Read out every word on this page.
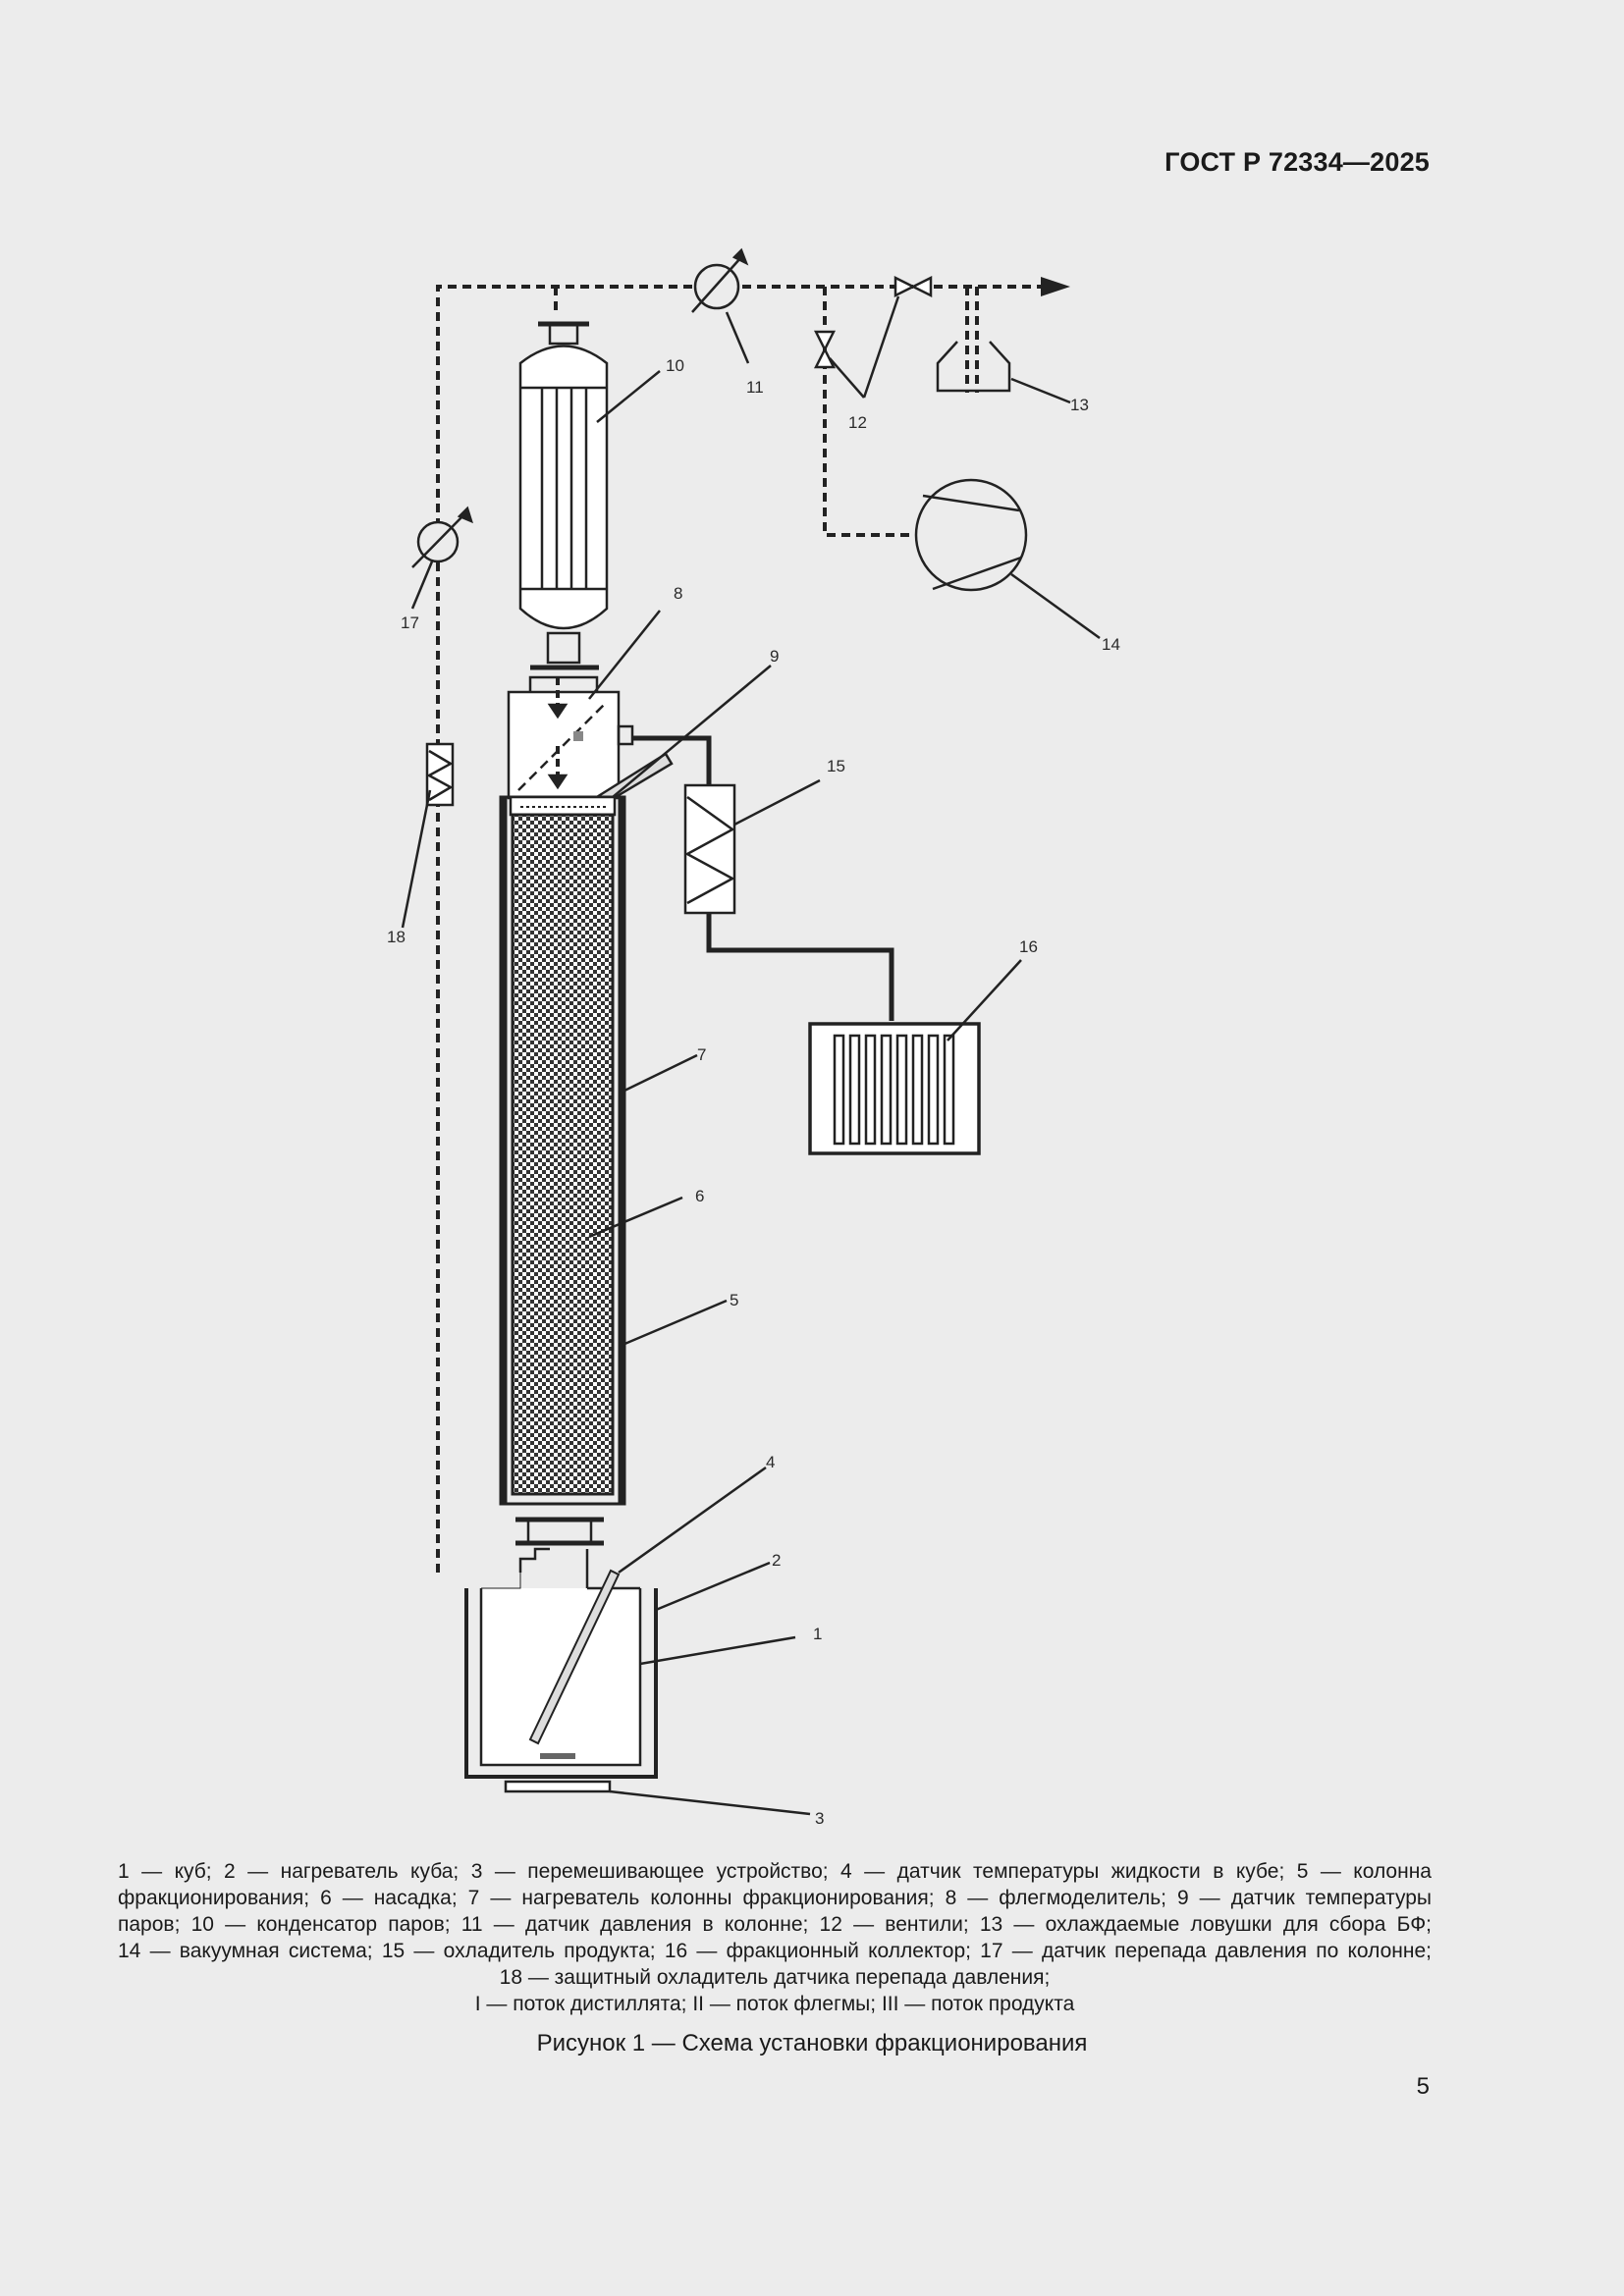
ГОСТ Р 72334—2025
1
2
3
4
5
6
7
8
9
10
11
12
13
14
15
16
17
18
1 — куб; 2 — нагреватель куба; 3 — перемешивающее устройство; 4 — датчик температуры жидкости в кубе; 5 — колонна
фракционирования; 6 — насадка; 7 — нагреватель колонны фракционирования; 8 — флегмоделитель; 9 — датчик температуры
паров; 10 — конденсатор паров; 11 — датчик давления в колонне; 12 — вентили; 13 — охлаждаемые ловушки для сбора БФ;
14 — вакуумная система; 15 — охладитель продукта; 16 — фракционный коллектор; 17 — датчик перепада давления по колонне;
18 — защитный охладитель датчика перепада давления;
I — поток дистиллята; II — поток флегмы; III — поток продукта
Рисунок 1 — Схема установки фракционирования
5
